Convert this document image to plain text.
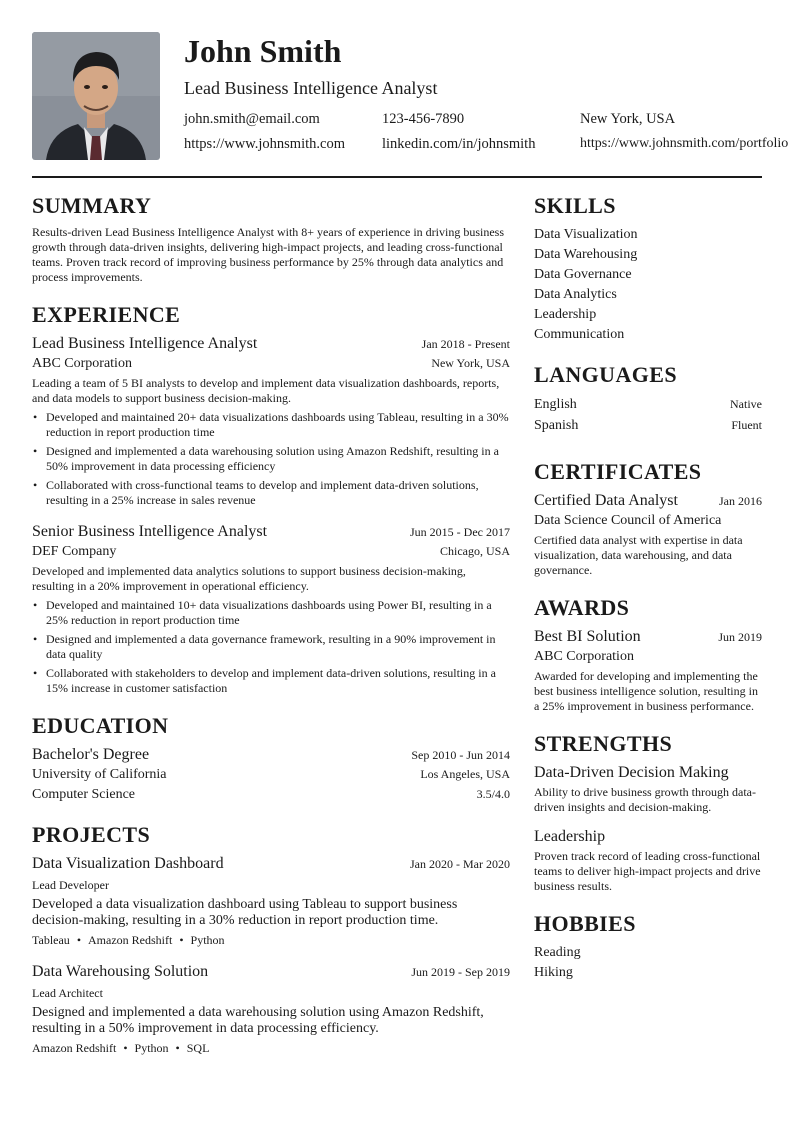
John Smith
Lead Business Intelligence Analyst
john.smith@email.com	123-456-7890	New York, USA
https://www.johnsmith.com	linkedin.com/in/johnsmith	https://www.johnsmith.com/portfolio
SUMMARY
Results-driven Lead Business Intelligence Analyst with 8+ years of experience in driving business growth through data-driven insights, delivering high-impact projects, and leading cross-functional teams. Proven track record of improving business performance by 25% through data analytics and process improvements.
EXPERIENCE
Lead Business Intelligence Analyst	Jan 2018 - Present
ABC Corporation	New York, USA
Leading a team of 5 BI analysts to develop and implement data visualization dashboards, reports, and data models to support business decision-making.
• Developed and maintained 20+ data visualizations dashboards using Tableau, resulting in a 30% reduction in report production time
• Designed and implemented a data warehousing solution using Amazon Redshift, resulting in a 50% improvement in data processing efficiency
• Collaborated with cross-functional teams to develop and implement data-driven solutions, resulting in a 25% increase in sales revenue
Senior Business Intelligence Analyst	Jun 2015 - Dec 2017
DEF Company	Chicago, USA
Developed and implemented data analytics solutions to support business decision-making, resulting in a 20% improvement in operational efficiency.
• Developed and maintained 10+ data visualizations dashboards using Power BI, resulting in a 25% reduction in report production time
• Designed and implemented a data governance framework, resulting in a 90% improvement in data quality
• Collaborated with stakeholders to develop and implement data-driven solutions, resulting in a 15% increase in customer satisfaction
EDUCATION
Bachelor's Degree	Sep 2010 - Jun 2014
University of California	Los Angeles, USA
Computer Science	3.5/4.0
PROJECTS
Data Visualization Dashboard	Jan 2020 - Mar 2020
Lead Developer
Developed a data visualization dashboard using Tableau to support business decision-making, resulting in a 30% reduction in report production time.
Tableau • Amazon Redshift • Python
Data Warehousing Solution	Jun 2019 - Sep 2019
Lead Architect
Designed and implemented a data warehousing solution using Amazon Redshift, resulting in a 50% improvement in data processing efficiency.
Amazon Redshift • Python • SQL
SKILLS
Data Visualization
Data Warehousing
Data Governance
Data Analytics
Leadership
Communication
LANGUAGES
English	Native
Spanish	Fluent
CERTIFICATES
Certified Data Analyst	Jan 2016
Data Science Council of America
Certified data analyst with expertise in data visualization, data warehousing, and data governance.
AWARDS
Best BI Solution	Jun 2019
ABC Corporation
Awarded for developing and implementing the best business intelligence solution, resulting in a 25% improvement in business performance.
STRENGTHS
Data-Driven Decision Making
Ability to drive business growth through data-driven insights and decision-making.
Leadership
Proven track record of leading cross-functional teams to deliver high-impact projects and drive business results.
HOBBIES
Reading
Hiking
